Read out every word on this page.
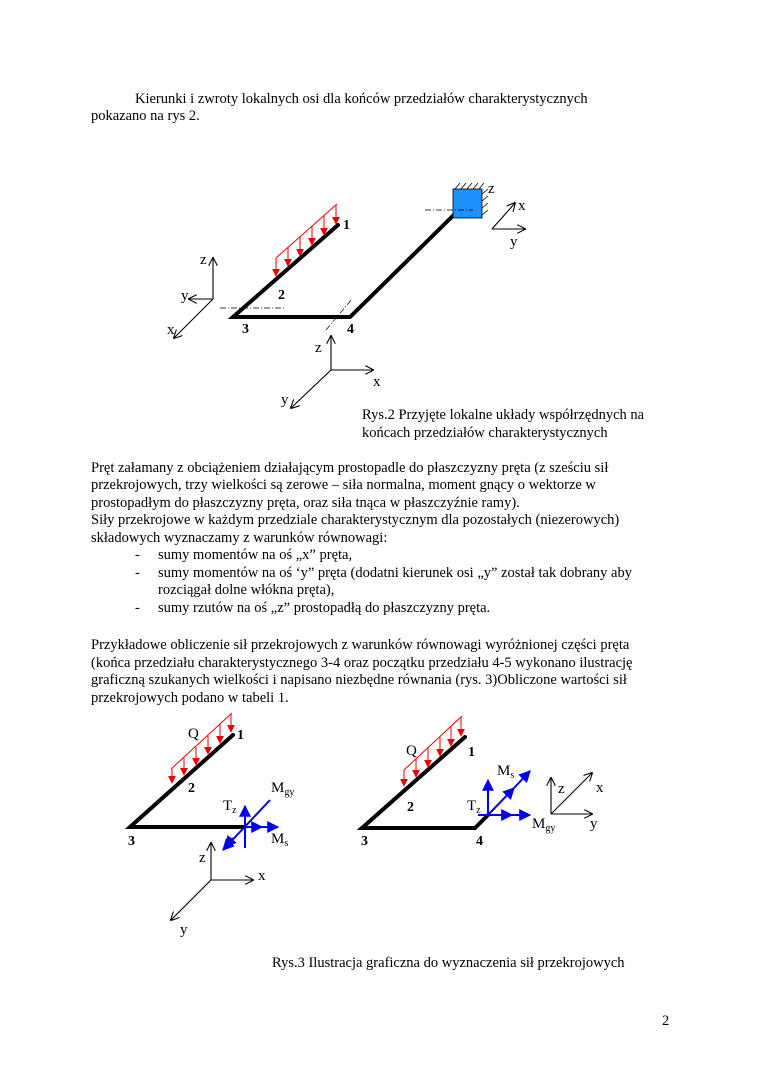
Kierunki i zwroty lokalnych osi dla końców przedziałów charakterystycznych
pokazano na rys 2.
1
2
3	4
z
y
x
z
x
y
z
x
y
Q	1
2
3
$T_z$
$M_{gy}$
$M_s$
z
x
y
Q	1
2
3	4
$M_s$
$T_z$
$M_{gy}$
z x
y
Rys.2 Przyjęte lokalne układy współrzędnych na
końcach przedziałów charakterystycznych
Pręt załamany z obciążeniem działającym prostopadle do płaszczyzny pręta (z sześciu sił
przekrojowych, trzy wielkości są zerowe – siła normalna, moment gnący o wektorze w
prostopadłym do płaszczyzny pręta, oraz siła tnąca w płaszczyźnie ramy).
Siły przekrojowe w każdym przedziale charakterystycznym dla pozostałych (niezerowych)
składowych wyznaczamy z warunków równowagi:
- sumy momentów na oś „x” pręta,
- sumy momentów na oś ‘y” pręta (dodatni kierunek osi „y” został tak dobrany aby
rozciągał dolne włókna pręta),
- sumy rzutów na oś „z” prostopadłą do płaszczyzny pręta.
Przykładowe obliczenie sił przekrojowych z warunków równowagi wyróżnionej części pręta
(końca przedziału charakterystycznego 3-4 oraz początku przedziału 4-5 wykonano ilustrację
graficzną szukanych wielkości i napisano niezbędne równania (rys. 3)Obliczone wartości sił
przekrojowych podano w tabeli 1.
Rys.3 Ilustracja graficzna do wyznaczenia sił przekrojowych
2
